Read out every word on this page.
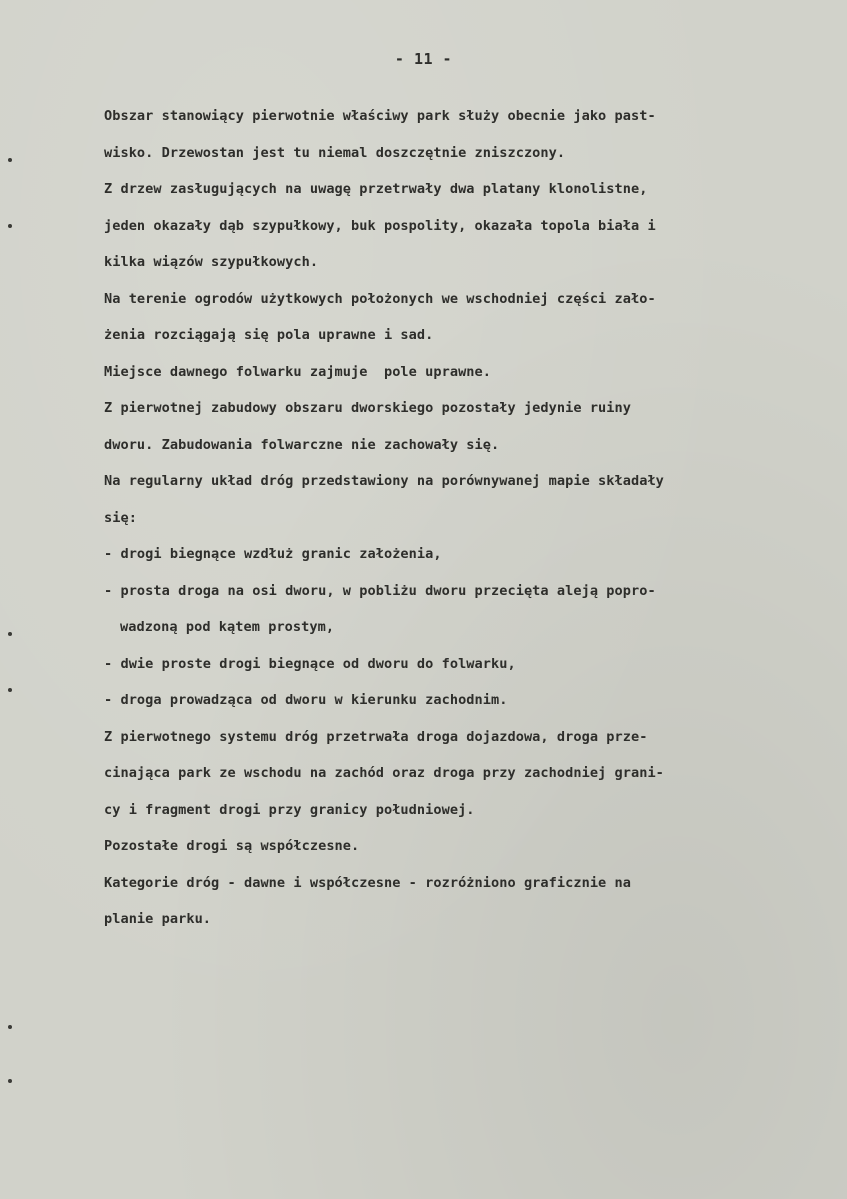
- 11 -
Obszar stanowiący pierwotnie właściwy park służy obecnie jako past-
wisko. Drzewostan jest tu niemal doszczętnie zniszczony.
Z drzew zasługujących na uwagę przetrwały dwa platany klonolistne,
jeden okazały dąb szypułkowy, buk pospolity, okazała topola biała i
kilka wiązów szypułkowych.
Na terenie ogrodów użytkowych położonych we wschodniej części zało-
żenia rozciągają się pola uprawne i sad.
Miejsce dawnego folwarku zajmuje  pole uprawne.
Z pierwotnej zabudowy obszaru dworskiego pozostały jedynie ruiny
dworu. Zabudowania folwarczne nie zachowały się.
Na regularny układ dróg przedstawiony na porównywanej mapie składały
się:
- drogi biegnące wzdłuż granic założenia,
- prosta droga na osi dworu, w pobliżu dworu przecięta aleją popro-
wadzoną pod kątem prostym,
- dwie proste drogi biegnące od dworu do folwarku,
- droga prowadząca od dworu w kierunku zachodnim.
Z pierwotnego systemu dróg przetrwała droga dojazdowa, droga prze-
cinająca park ze wschodu na zachód oraz droga przy zachodniej grani-
cy i fragment drogi przy granicy południowej.
Pozostałe drogi są współczesne.
Kategorie dróg - dawne i współczesne - rozróżniono graficznie na
planie parku.
